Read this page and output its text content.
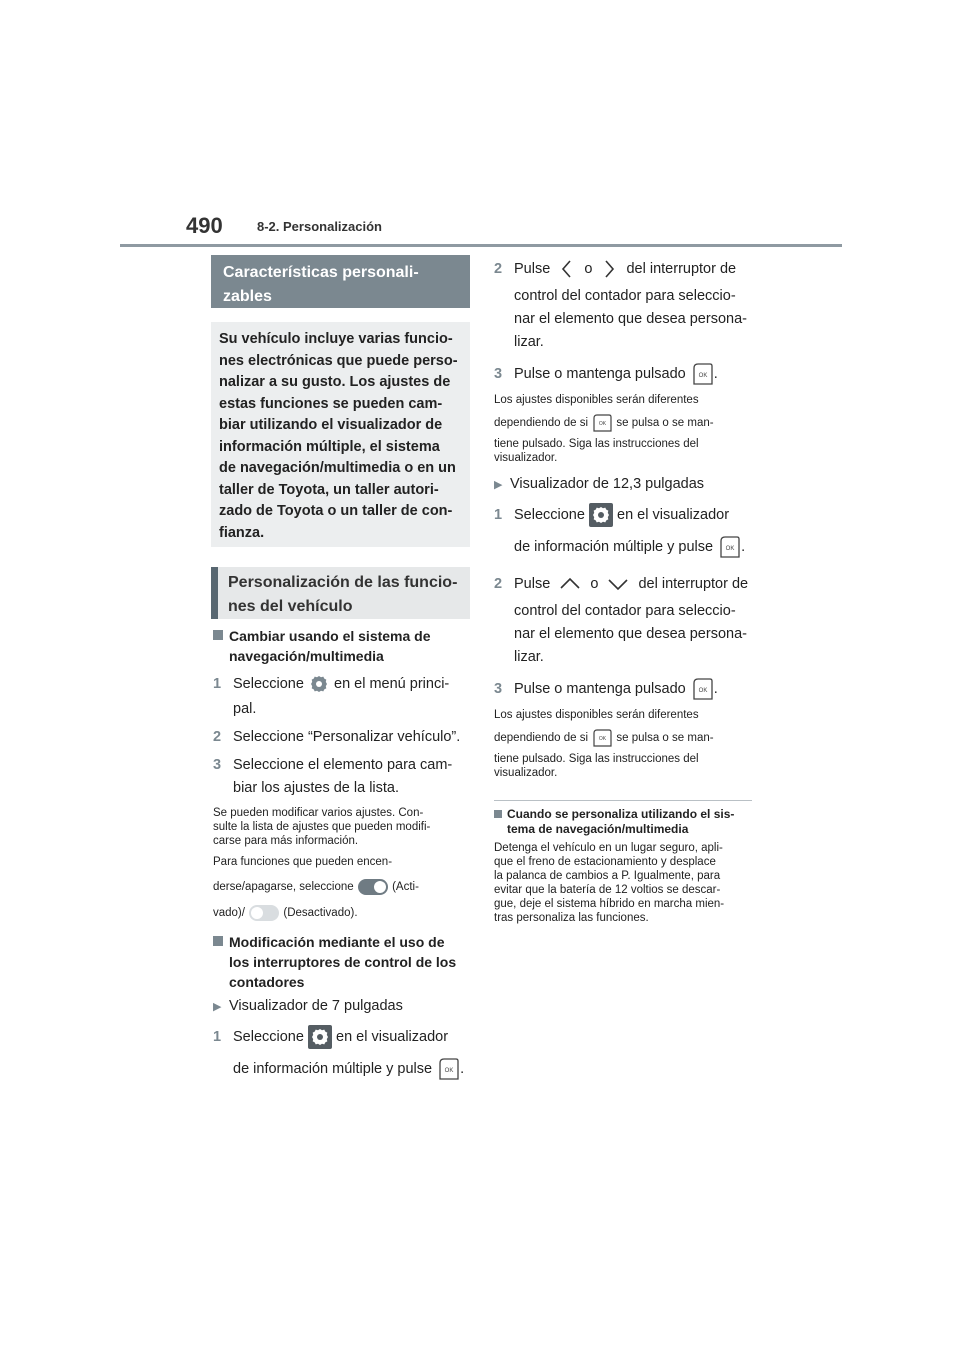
490	8-2. Personalización
Características personali-
zables
Su vehículo incluye varias funcio-
nes electrónicas que puede perso-
nalizar a su gusto. Los ajustes de
estas funciones se pueden cam-
biar utilizando el visualizador de
información múltiple, el sistema
de navegación/multimedia o en un
taller de Toyota, un taller autori-
zado de Toyota o un taller de con-
fianza.
Personalización de las funcio-
nes del vehículo
Cambiar usando el sistema de
navegación/multimedia
1 Seleccione en el menú princi-
pal.
2 Seleccione “Personalizar vehículo”.
3 Seleccione el elemento para cam-
biar los ajustes de la lista.
Se pueden modificar varios ajustes. Con-
sulte la lista de ajustes que pueden modifi-
carse para más información.
Para funciones que pueden encen-
derse/apagarse, seleccione	(Acti-
vado)/	(Desactivado).
Modificación mediante el uso de
los interruptores de control de los
contadores
▶ Visualizador de 7 pulgadas
1 Seleccione en el visualizador
de información múltiple y pulse OK .
2 Pulse o del interruptor de
control del contador para seleccio-
nar el elemento que desea persona-
lizar.
3 Pulse o mantenga pulsado OK .
Los ajustes disponibles serán diferentes
dependiendo de si OK se pulsa o se man-
tiene pulsado. Siga las instrucciones del
visualizador.
▶ Visualizador de 12,3 pulgadas
1 Seleccione en el visualizador
de información múltiple y pulse OK .
2 Pulse	o	del interruptor de
control del contador para seleccio-
nar el elemento que desea persona-
lizar.
3 Pulse o mantenga pulsado OK .
Los ajustes disponibles serán diferentes
dependiendo de si OK se pulsa o se man-
tiene pulsado. Siga las instrucciones del
visualizador.
Cuando se personaliza utilizando el sis-
tema de navegación/multimedia
Detenga el vehículo en un lugar seguro, apli-
que el freno de estacionamiento y desplace
la palanca de cambios a P. Igualmente, para
evitar que la batería de 12 voltios se descar-
gue, deje el sistema híbrido en marcha mien-
tras personaliza las funciones.
